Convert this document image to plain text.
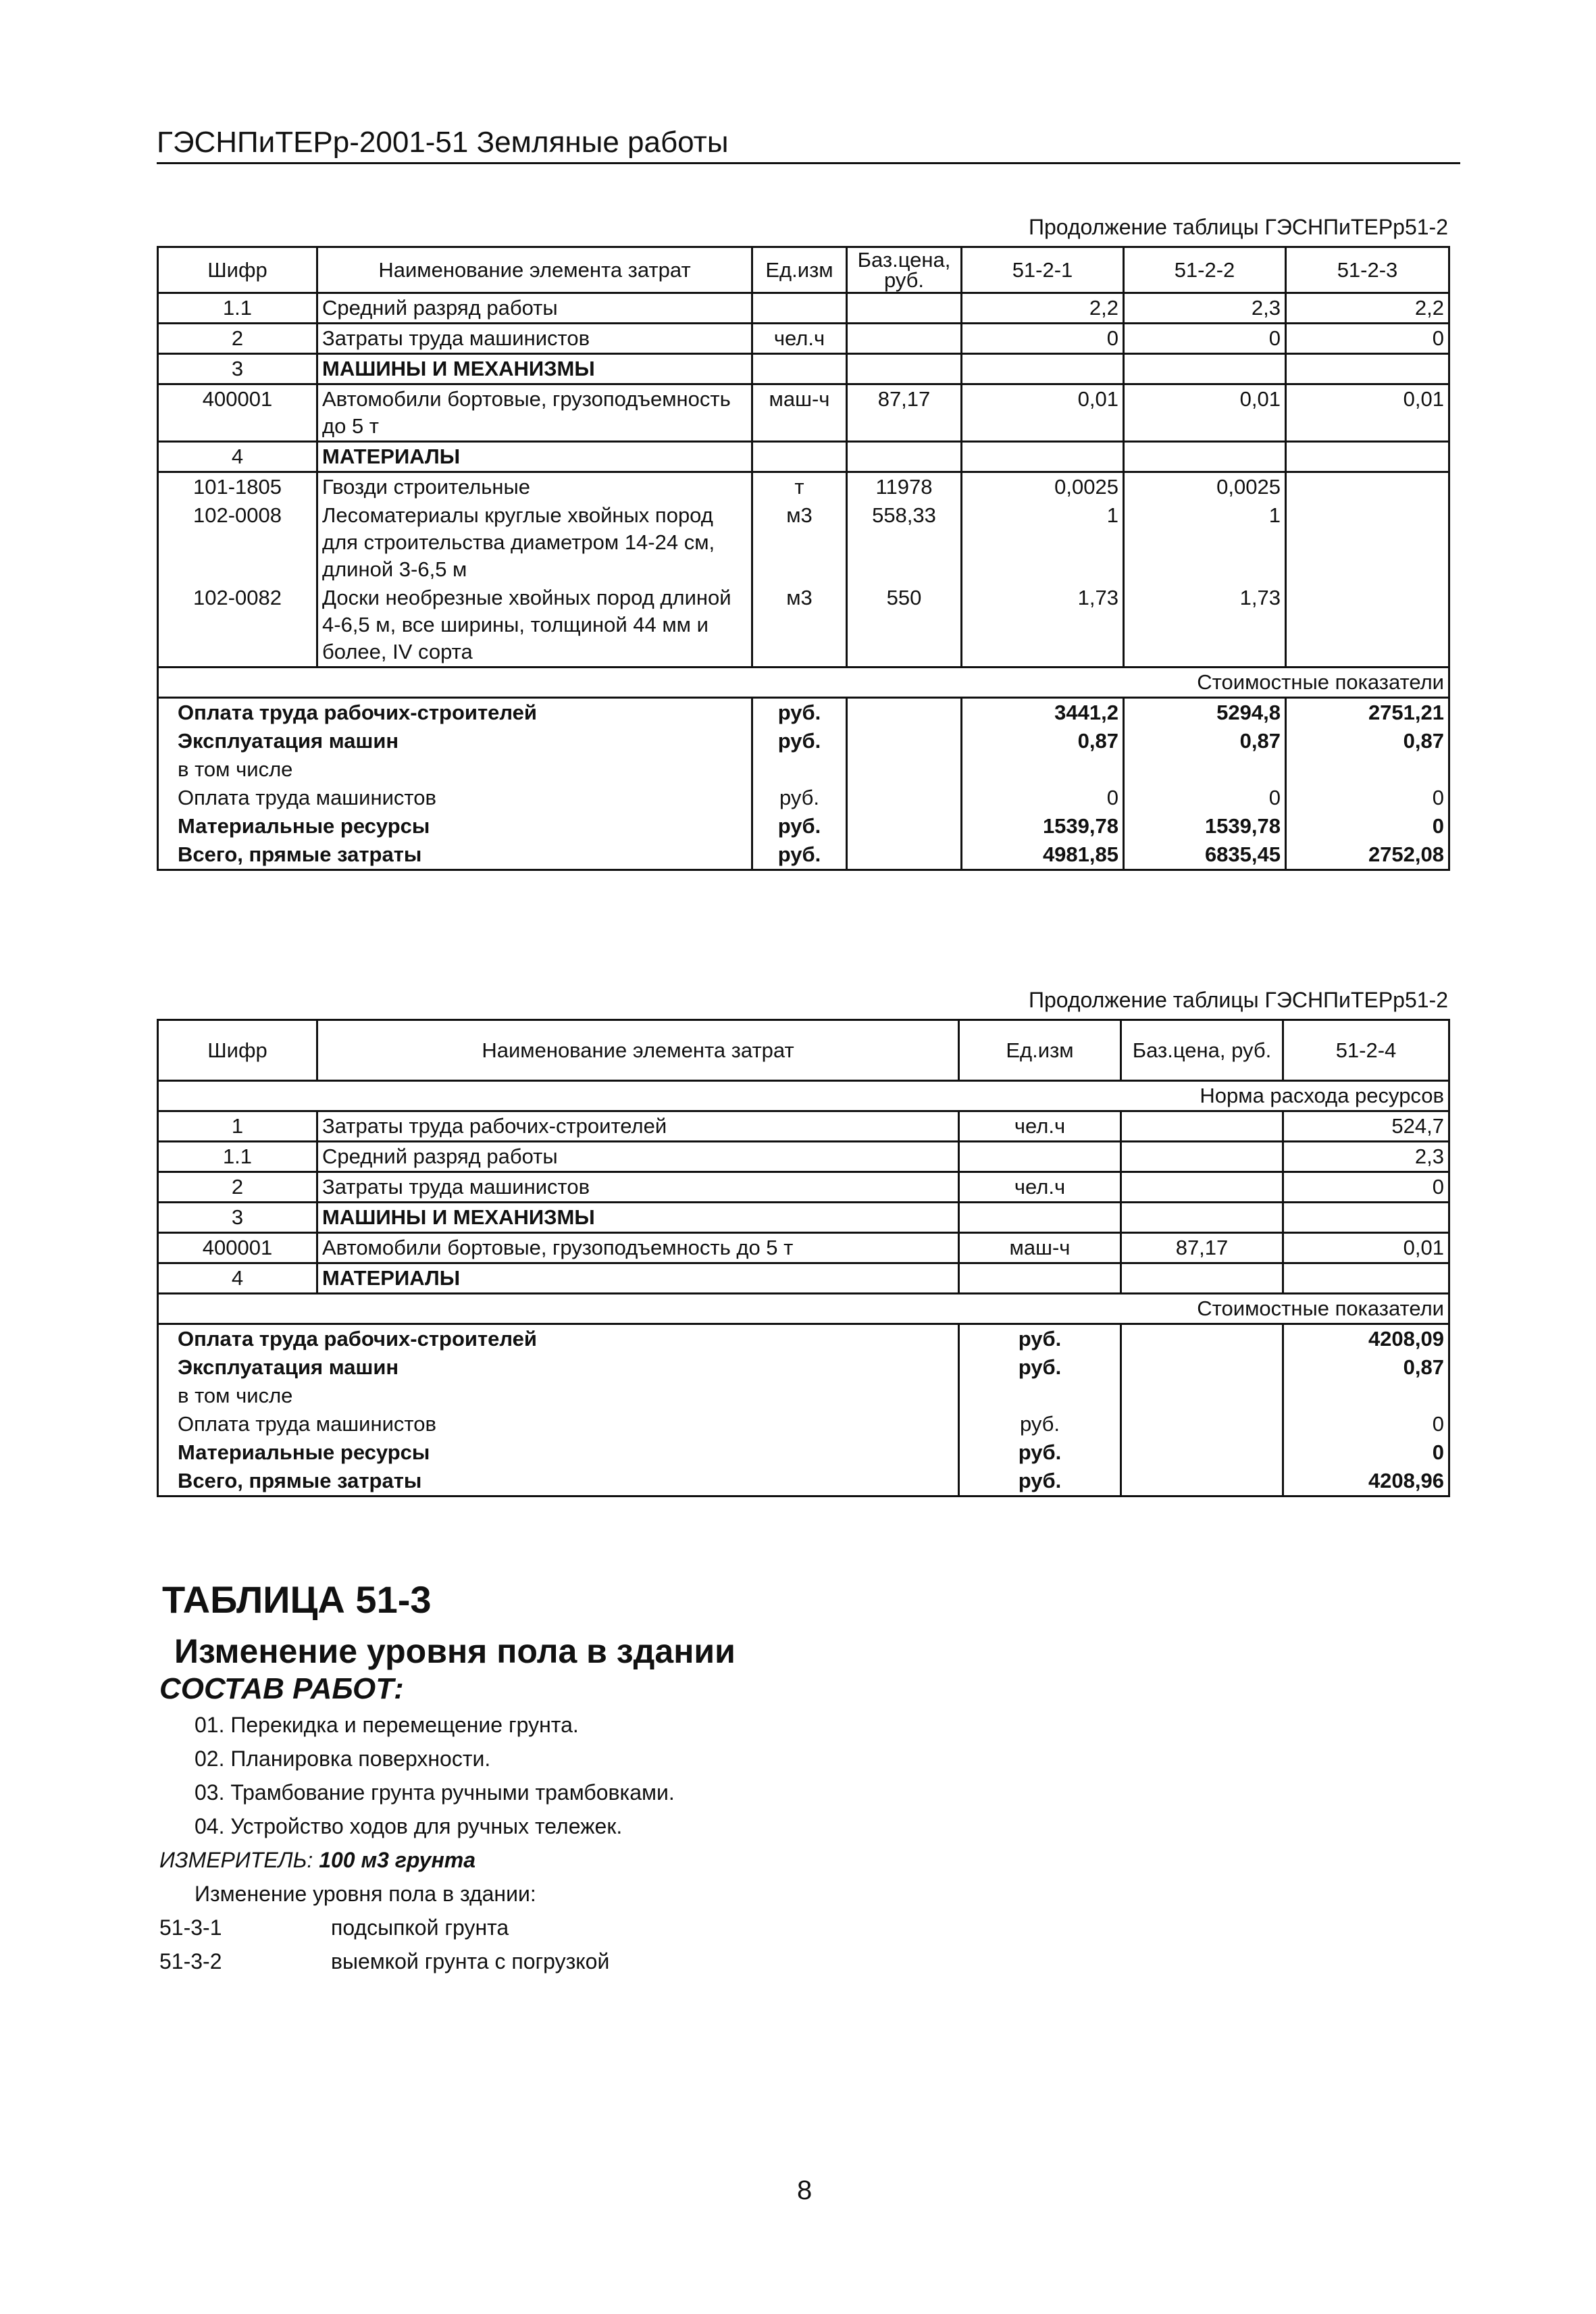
ГЭСНПиТЕРр-2001-51 Земляные работы
Продолжение таблицы ГЭСНПиТЕРр51-2
Шифр	Наименование элемента затрат	Ед.изм	Баз.цена, руб.	51-2-1	51-2-2	51-2-3
1.1	Средний разряд работы			2,2	2,3	2,2
2	Затраты труда машинистов	чел.ч		0	0	0
3	МАШИНЫ И МЕХАНИЗМЫ					
400001	Автомобили бортовые, грузоподъемность до 5 т	маш-ч	87,17	0,01	0,01	0,01
4	МАТЕРИАЛЫ					
101-1805	Гвозди строительные	т	11978	0,0025	0,0025	
102-0008	Лесоматериалы круглые хвойных пород для строительства диаметром 14-24 см, длиной 3-6,5 м	м3	558,33	1	1	
102-0082	Доски необрезные хвойных пород длиной 4-6,5 м, все ширины, толщиной 44 мм и более, IV сорта	м3	550	1,73	1,73	
Стоимостные показатели						
Оплата труда рабочих-строителей		руб.		3441,2	5294,8	2751,21
Эксплуатация машин		руб.		0,87	0,87	0,87
в том числе						
Оплата труда машинистов		руб.		0	0	0
Материальные ресурсы		руб.		1539,78	1539,78	0
Всего, прямые затраты		руб.		4981,85	6835,45	2752,08
Продолжение таблицы ГЭСНПиТЕРр51-2
Шифр	Наименование элемента затрат	Ед.изм	Баз.цена, руб.	51-2-4
Норма расхода ресурсов				
1	Затраты труда рабочих-строителей	чел.ч		524,7
1.1	Средний разряд работы			2,3
2	Затраты труда машинистов	чел.ч		0
3	МАШИНЫ И МЕХАНИЗМЫ			
400001	Автомобили бортовые, грузоподъемность до 5 т	маш-ч	87,17	0,01
4	МАТЕРИАЛЫ			
Стоимостные показатели				
Оплата труда рабочих-строителей		руб.		4208,09
Эксплуатация машин		руб.		0,87
в том числе				
Оплата труда машинистов		руб.		0
Материальные ресурсы		руб.		0
Всего, прямые затраты		руб.		4208,96
ТАБЛИЦА 51-3
Изменение уровня пола в здании
СОСТАВ РАБОТ:
01. Перекидка и перемещение грунта.
02. Планировка поверхности.
03. Трамбование грунта ручными трамбовками.
04. Устройство ходов для ручных тележек.
ИЗМЕРИТЕЛЬ: 100 м3 грунта
Изменение уровня пола в здании:
51-3-1	подсыпкой грунта
51-3-2	выемкой грунта с погрузкой
8
